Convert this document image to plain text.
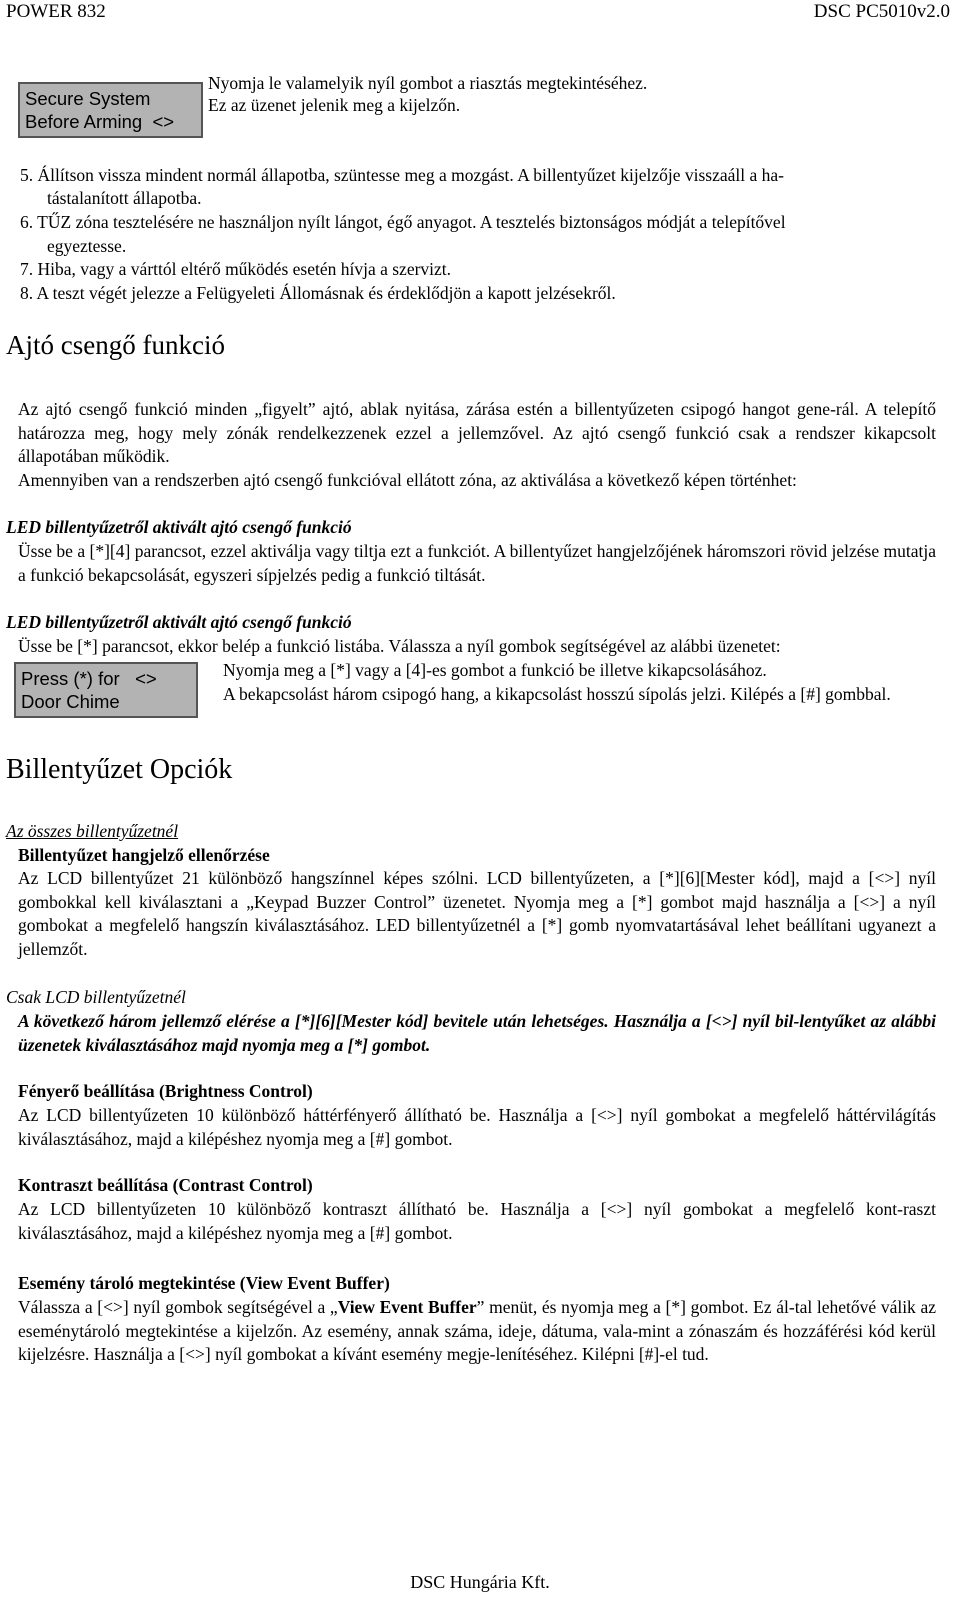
POWER 832	DSC PC5010v2.0
Secure System
Before Arming  <>
Nyomja le valamelyik nyíl gombot a riasztás megtekintéséhez.
Ez az üzenet jelenik meg a kijelzőn.
5. Állítson vissza mindent normál állapotba, szüntesse meg a mozgást. A billentyűzet kijelzője visszaáll a ha-
tástalanított állapotba.
6. TŰZ zóna tesztelésére ne használjon nyílt lángot, égő anyagot. A tesztelés biztonságos módját a telepítővel
egyeztesse.
7. Hiba, vagy a várttól eltérő működés esetén hívja a szervizt.
8. A teszt végét jelezze a Felügyeleti Állomásnak és érdeklődjön a kapott jelzésekről.
Ajtó csengő funkció
Az ajtó csengő funkció minden „figyelt” ajtó, ablak nyitása, zárása estén a billentyűzeten csipogó hangot gene-rál. A telepítő határozza meg, hogy mely zónák rendelkezzenek ezzel a jellemzővel. Az ajtó csengő funkció csak a rendszer kikapcsolt állapotában működik.
Amennyiben van a rendszerben ajtó csengő funkcióval ellátott zóna, az aktiválása a következő képen történhet:
LED billentyűzetről aktivált ajtó csengő funkció
Üsse be a [*][4] parancsot, ezzel aktiválja vagy tiltja ezt a funkciót. A billentyűzet hangjelzőjének háromszori rövid jelzése mutatja a funkció bekapcsolását, egyszeri sípjelzés pedig a funkció tiltását.
LED billentyűzetről aktivált ajtó csengő funkció
Üsse be [*] parancsot, ekkor belép a funkció listába. Válassza a nyíl gombok segítségével az alábbi üzenetet:
Press (*) for   <>
Door Chime
Nyomja meg a [*] vagy a [4]-es gombot a funkció be illetve kikapcsolásához.
A bekapcsolást három csipogó hang, a kikapcsolást hosszú sípolás jelzi. Kilépés a [#] gombbal.
Billentyűzet Opciók
Az összes billentyűzetnél
Billentyűzet hangjelző ellenőrzése
Az LCD billentyűzet 21 különböző hangszínnel képes szólni. LCD billentyűzeten, a [*][6][Mester kód], majd a [<>] nyíl gombokkal kell kiválasztani a „Keypad Buzzer Control” üzenetet. Nyomja meg a [*] gombot majd használja a [<>] a nyíl gombokat a megfelelő hangszín kiválasztásához. LED billentyűzetnél a [*] gomb nyomvatartásával lehet beállítani ugyanezt a jellemzőt.
Csak LCD billentyűzetnél
A következő három jellemző elérése a [*][6][Mester kód] bevitele után lehetséges. Használja a [<>] nyíl bil-lentyűket az alábbi üzenetek kiválasztásához majd nyomja meg a [*] gombot.
Fényerő beállítása (Brightness Control)
Az LCD billentyűzeten 10 különböző háttérfényerő állítható be. Használja a [<>] nyíl gombokat a megfelelő háttérvilágítás kiválasztásához, majd a kilépéshez nyomja meg a [#] gombot.
Kontraszt beállítása (Contrast Control)
Az LCD billentyűzeten 10 különböző kontraszt állítható be. Használja a [<>] nyíl gombokat a megfelelő kont-raszt kiválasztásához, majd a kilépéshez nyomja meg a [#] gombot.
Esemény tároló megtekintése (View Event Buffer)
Válassza a [<>] nyíl gombok segítségével a „View Event Buffer” menüt, és nyomja meg a [*] gombot. Ez ál-tal lehetővé válik az eseménytároló megtekintése a kijelzőn. Az esemény, annak száma, ideje, dátuma, vala-mint a zónaszám és hozzáférési kód kerül kijelzésre. Használja a [<>] nyíl gombokat a kívánt esemény megje-lenítéséhez. Kilépni [#]-el tud.
DSC Hungária Kft.
